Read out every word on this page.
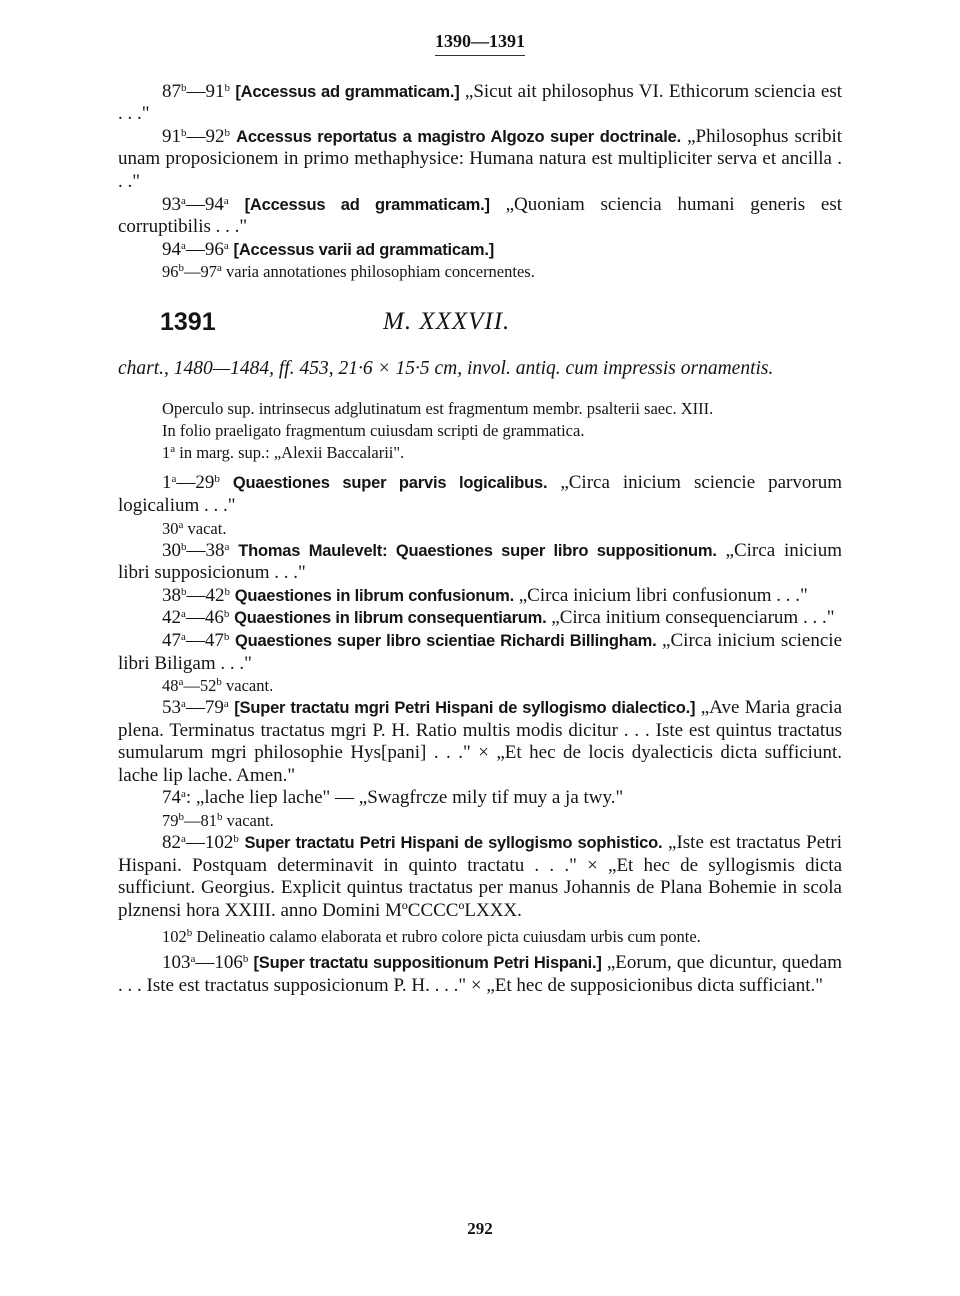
1390—1391

87$^b$—91$^b$ [Accessus ad grammaticam.] „Sicut ait philosophus VI. Ethicorum sciencia est . . ."

91$^b$—92$^b$ Accessus reportatus a magistro Algozo super doctrinale. „Philosophus scribit unam proposicionem in primo methaphysice: Humana natura est multipliciter serva et ancilla . . ."

93$^a$—94$^a$ [Accessus ad grammaticam.] „Quoniam sciencia humani generis est corruptibilis . . ."

94$^a$—96$^a$ [Accessus varii ad grammaticam.]

96$^b$—97$^a$ varia annotationes philosophiam concernentes.

1391	M. XXXVII.

chart., 1480—1484, ff. 453, 21·6 × 15·5 cm, invol. antiq. cum impressis ornamentis.

Operculo sup. intrinsecus adglutinatum est fragmentum membr. psalterii saec. XIII.

In folio praeligato fragmentum cuiusdam scripti de grammatica.

1$^a$ in marg. sup.: „Alexii Baccalarii".

1$^a$—29$^b$ Quaestiones super parvis logicalibus. „Circa inicium sciencie parvorum logicalium . . ."

30$^a$ vacat.

30$^b$—38$^a$ Thomas Maulevelt: Quaestiones super libro suppositionum. „Circa inicium libri supposicionum . . ."

38$^b$—42$^b$ Quaestiones in librum confusionum. „Circa inicium libri confusionum . . ."

42$^a$—46$^b$ Quaestiones in librum consequentiarum. „Circa initium consequenciarum . . ."

47$^a$—47$^b$ Quaestiones super libro scientiae Richardi Billingham. „Circa inicium sciencie libri Biligam . . ."

48$^a$—52$^b$ vacant.

53$^a$—79$^a$ [Super tractatu mgri Petri Hispani de syllogismo dialectico.] „Ave Maria gracia plena. Terminatus tractatus mgri P. H. Ratio multis modis dicitur . . . Iste est quintus tractatus sumularum mgri philosophie Hys[pani] . . ." × „Et hec de locis dyalecticis dicta sufficiunt. lache lip lache. Amen."

74$^a$: „lache liep lache" — „Swagfrcze mily tif muy a ja twy."

79$^b$—81$^b$ vacant.

82$^a$—102$^b$ Super tractatu Petri Hispani de syllogismo sophistico. „Iste est tractatus Petri Hispani. Postquam determinavit in quinto tractatu . . ." × „Et hec de syllogismis dicta sufficiunt. Georgius. Explicit quintus tractatus per manus Johannis de Plana Bohemie in scola plznensi hora XXIII. anno Domini MºCCCCºLXXX.

102$^b$ Delineatio calamo elaborata et rubro colore picta cuiusdam urbis cum ponte.

103$^a$—106$^b$ [Super tractatu suppositionum Petri Hispani.] „Eorum, que dicuntur, quedam . . . Iste est tractatus supposicionum P. H. . . ." × „Et hec de supposicionibus dicta sufficiant."

292
